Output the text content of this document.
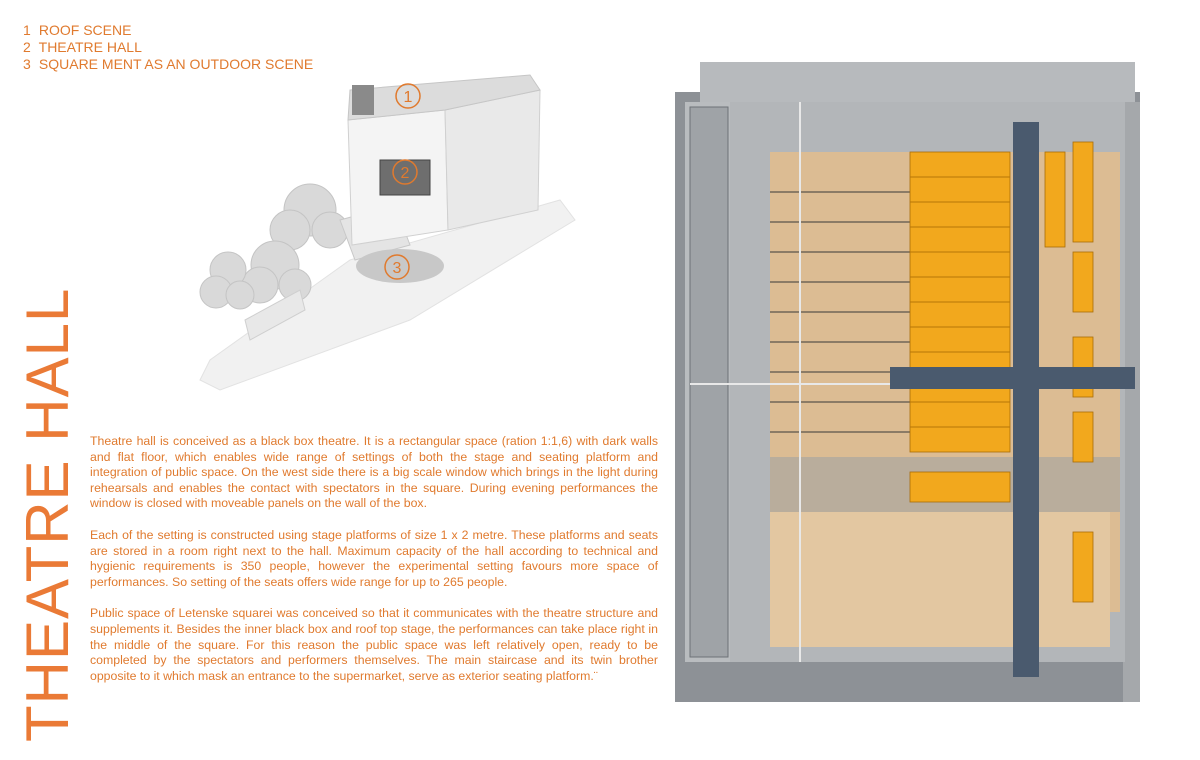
1 ROOF SCENE
2 THEATRE HALL
3 SQUARE MENT AS AN OUTDOOR SCENE
1
2
3
THEATRE HALL Theatre hall is conceived as a black box theatre. It is a rectangular space (ration 1:1,6) with dark walls and flat floor, which enables wide range of settings of both the stage and seating platform and integration of public space. On the west side there is a big scale window which brings in the light during rehearsals and enables the contact with spectators in the square. During evening performances the window is closed with moveable panels on the wall of the box.

Each of the setting is constructed using stage platforms of size 1 x 2 metre. These platforms and seats are stored in a room right next to the hall. Maximum capacity of the hall according to technical and hygienic requirements is 350 people, however the experimental setting favours more space of performances. So setting of the seats offers wide range for up to 265 people.

Public space of Letenske squarei was conceived so that it communicates with the theatre structure and supplements it. Besides the inner black box and roof top stage, the performances can take place right in the middle of the square. For this reason the public space was left relatively open, ready to be completed by the spectators and performers themselves. The main staircase and its twin brother opposite to it which mask an entrance to the supermarket, serve as exterior seating platform.¨
